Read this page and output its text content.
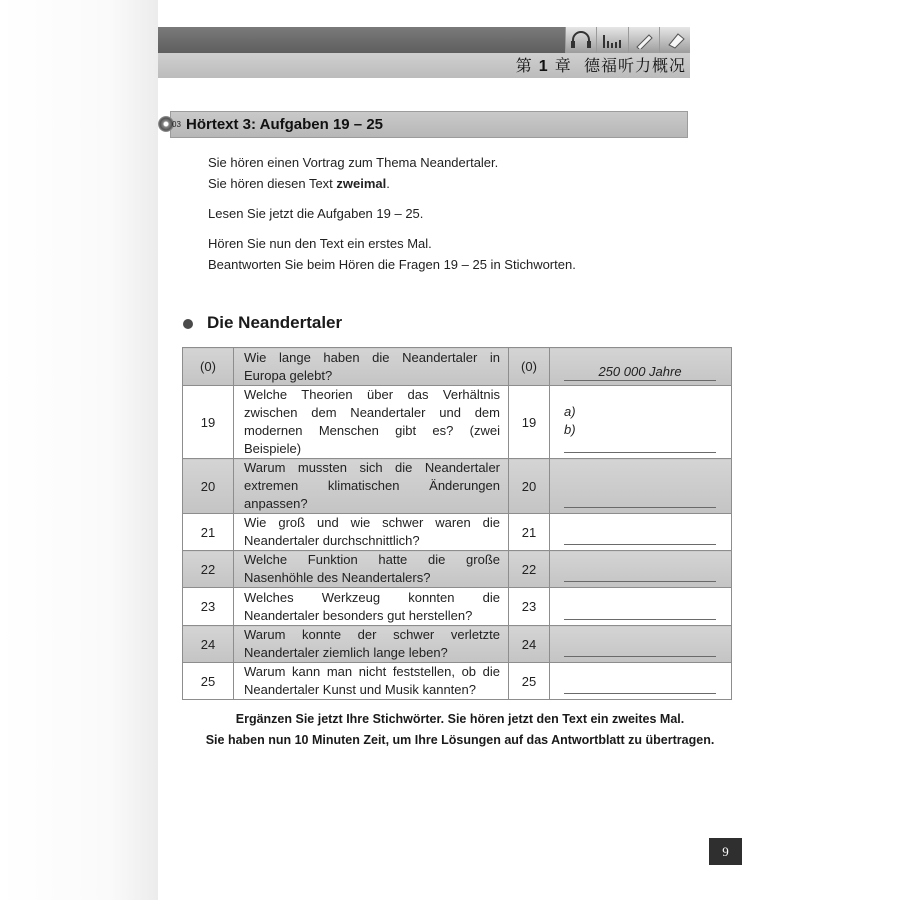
第 1 章 德福听力概况
03 Hörtext 3: Aufgaben 19 – 25
Sie hören einen Vortrag zum Thema Neandertaler.
Sie hören diesen Text zweimal.
Lesen Sie jetzt die Aufgaben 19 – 25.
Hören Sie nun den Text ein erstes Mal.
Beantworten Sie beim Hören die Fragen 19 – 25 in Stichworten.
Die Neandertaler
(0)	Wie lange haben die Neandertaler in Europa gelebt?	(0)	250 000 Jahre

19	Welche Theorien über das Verhältnis zwischen dem Neandertaler und dem modernen Menschen gibt es? (zwei Beispiele)	19	a)
b)

20	Warum mussten sich die Neandertaler extremen klimatischen Änderungen anpassen?	20	

21	Wie groß und wie schwer waren die Neandertaler durchschnittlich?	21	

22	Welche Funktion hatte die große Nasenhöhle des Neandertalers?	22	

23	Welches Werkzeug konnten die Neandertaler besonders gut herstellen?	23	

24	Warum konnte der schwer verletzte Neandertaler ziemlich lange leben?	24	

25	Warum kann man nicht feststellen, ob die Neandertaler Kunst und Musik kannten?	25	
Ergänzen Sie jetzt Ihre Stichwörter. Sie hören jetzt den Text ein zweites Mal.
Sie haben nun 10 Minuten Zeit, um Ihre Lösungen auf das Antwortblatt zu übertragen.
9
